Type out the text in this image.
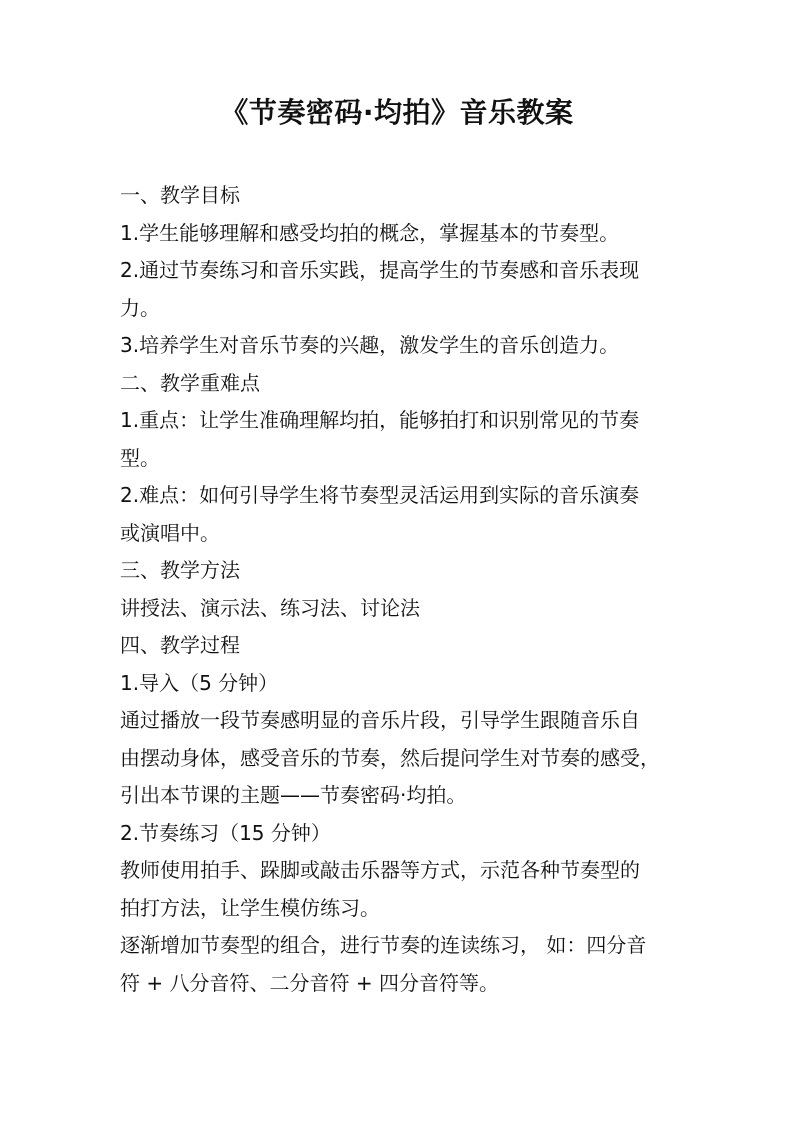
《节奏密码·均拍》音乐教案
一、教学目标
1.学生能够理解和感受均拍的概念，掌握基本的节奏型。
2.通过节奏练习和音乐实践，提高学生的节奏感和音乐表现
力。
3.培养学生对音乐节奏的兴趣，激发学生的音乐创造力。
二、教学重难点
1.重点：让学生准确理解均拍，能够拍打和识别常见的节奏
型。
2.难点：如何引导学生将节奏型灵活运用到实际的音乐演奏
或演唱中。
三、教学方法
讲授法、演示法、练习法、讨论法
四、教学过程
1.导入（5 分钟）
通过播放一段节奏感明显的音乐片段，引导学生跟随音乐自
由摆动身体，感受音乐的节奏，然后提问学生对节奏的感受，
引出本节课的主题——节奏密码·均拍。
2.节奏练习（15 分钟）
教师使用拍手、跺脚或敲击乐器等方式，示范各种节奏型的
拍打方法，让学生模仿练习。
逐渐增加节奏型的组合，进行节奏的连读练习， 如：四分音
符 + 八分音符、二分音符 + 四分音符等。
